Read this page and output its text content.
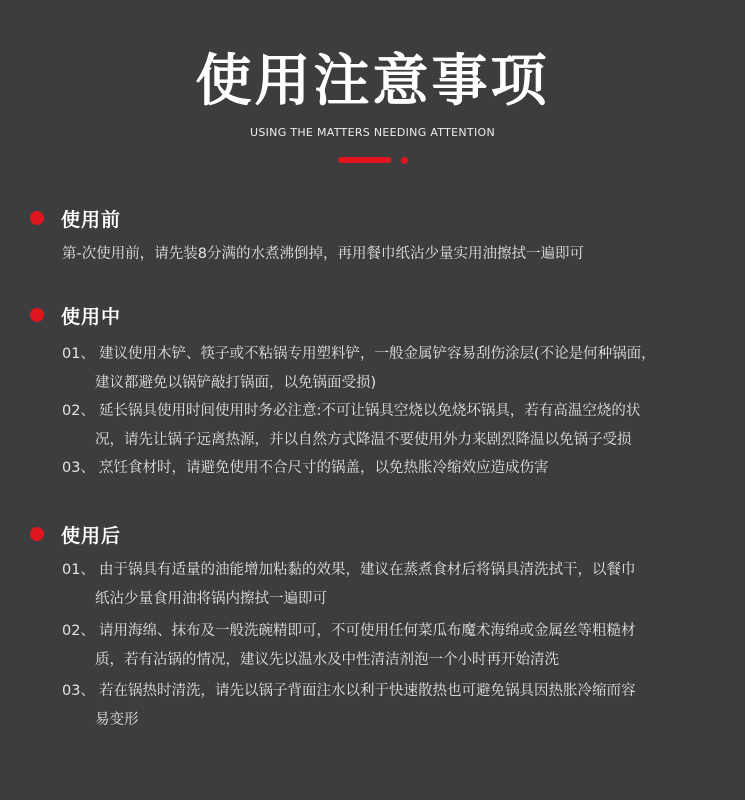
使用注意事项
USING THE MATTERS NEEDING ATTENTION
使用前
第-次使用前，请先装8分满的水煮沸倒掉，再用餐巾纸沾少量实用油擦拭一遍即可
使用中
01、 建议使用木铲、筷子或不粘锅专用塑料铲，一般金属铲容易刮伤涂层(不论是何种锅面，
建议都避免以锅铲敲打锅面，以免锅面受损)
02、 延长锅具使用时间使用时务必注意:不可让锅具空烧以免烧坏锅具，若有高温空烧的状
况，请先让锅子远离热源，并以自然方式降温不要使用外力来剧烈降温以免锅子受损
03、 烹饪食材时，请避免使用不合尺寸的锅盖，以免热胀冷缩效应造成伤害
使用后
01、 由于锅具有适量的油能增加粘黏的效果，建议在蒸煮食材后将锅具清洗拭干，以餐巾
纸沾少量食用油将锅内擦拭一遍即可
02、 请用海绵、抹布及一般洗碗精即可，不可使用任何菜瓜布魔术海绵或金属丝等粗糙材
质，若有沾锅的情况，建议先以温水及中性清洁剂泡一个小时再开始清洗
03、 若在锅热时清洗，请先以锅子背面注水以利于快速散热也可避免锅具因热胀冷缩而容
易变形
